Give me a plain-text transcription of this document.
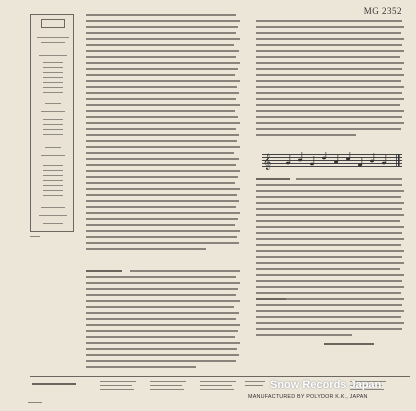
MG 2352
𝄞
Snow Records Japan
MANUFACTURED BY POLYDOR K.K., JAPAN
